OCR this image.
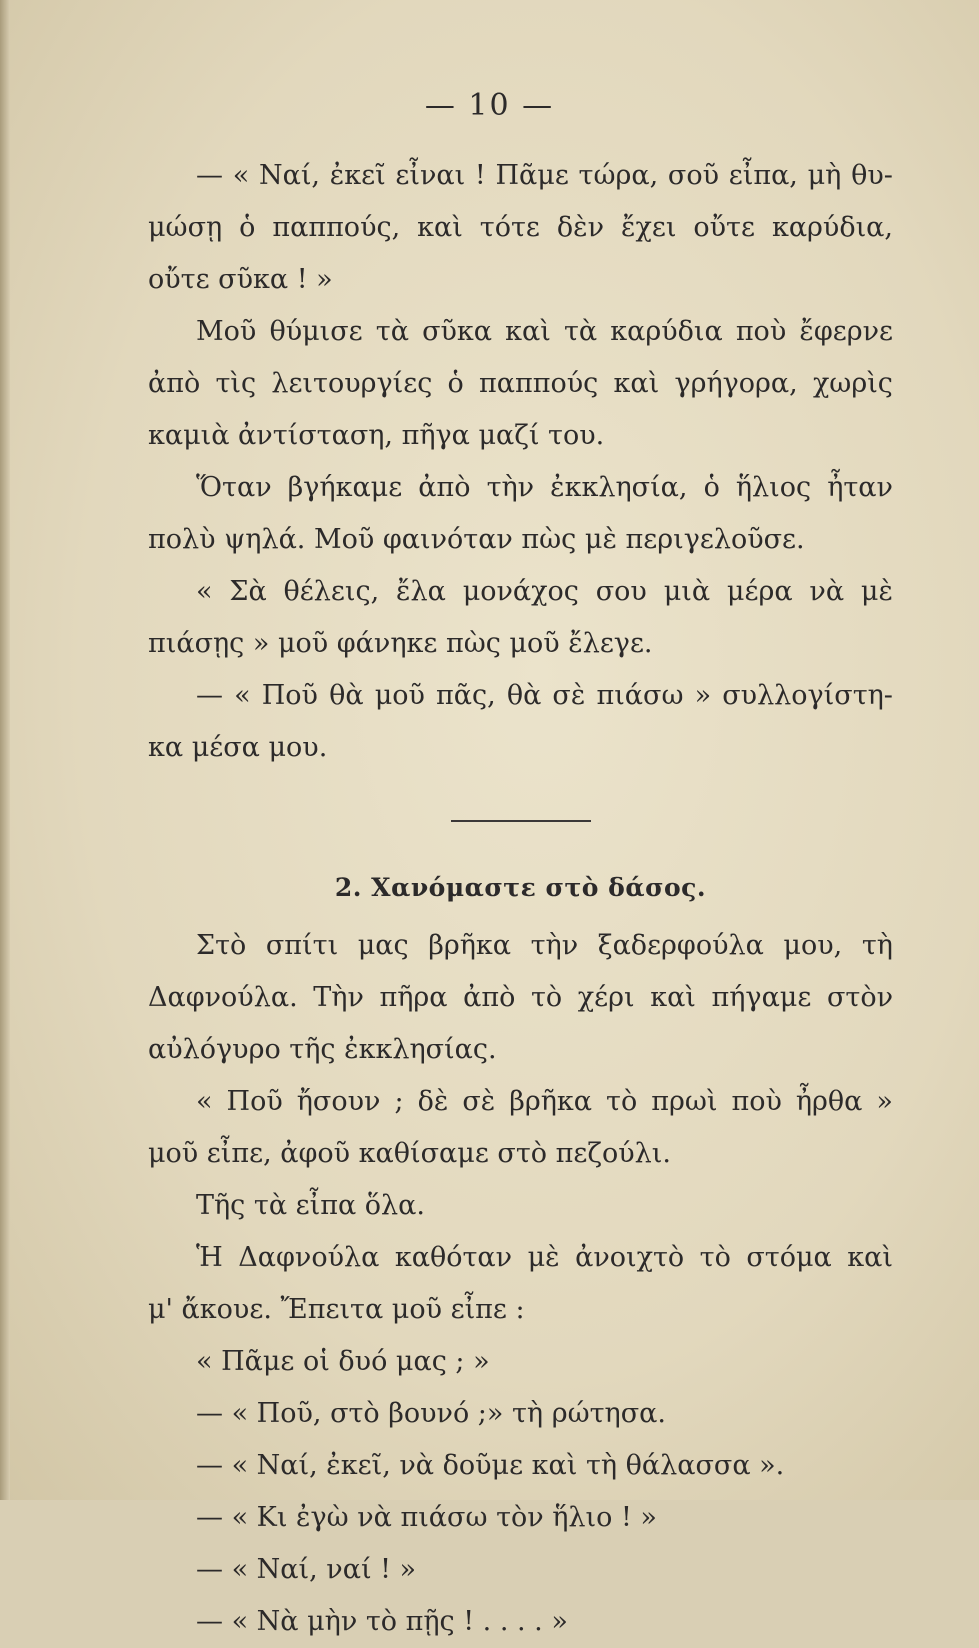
— 10 —
— « Ναί, ἐκεῖ εἶναι ! Πᾶμε τώρα, σοῦ εἶπα, μὴ θυ-
μώσῃ ὁ παππούς, καὶ τότε δὲν ἔχει οὔτε καρύδια,
οὔτε σῦκα ! »
Μοῦ θύμισε τὰ σῦκα καὶ τὰ καρύδια ποὺ ἔφερνε
ἀπὸ τὶς λειτουργίες ὁ παππούς καὶ γρήγορα, χωρὶς
καμιὰ ἀντίσταση, πῆγα μαζί του.
Ὅταν βγήκαμε ἀπὸ τὴν ἐκκλησία, ὁ ἥλιος ἦταν
πολὺ ψηλά. Μοῦ φαινόταν πὼς μὲ περιγελοῦσε.
« Σὰ θέλεις, ἔλα μονάχος σου μιὰ μέρα νὰ μὲ
πιάσῃς » μοῦ φάνηκε πὼς μοῦ ἔλεγε.
— « Ποῦ θὰ μοῦ πᾶς, θὰ σὲ πιάσω » συλλογίστη-
κα μέσα μου.
2. Χανόμαστε στὸ δάσος.
Στὸ σπίτι μας βρῆκα τὴν ξαδερφούλα μου, τὴ
Δαφνούλα. Τὴν πῆρα ἀπὸ τὸ χέρι καὶ πήγαμε στὸν
αὐλόγυρο τῆς ἐκκλησίας.
« Ποῦ ἤσουν ; δὲ σὲ βρῆκα τὸ πρωὶ ποὺ ἦρθα »
μοῦ εἶπε, ἀφοῦ καθίσαμε στὸ πεζούλι.
Τῆς τὰ εἶπα ὅλα.
Ἡ Δαφνούλα καθόταν μὲ ἀνοιχτὸ τὸ στόμα καὶ
μ' ἄκουε. Ἔπειτα μοῦ εἶπε :
« Πᾶμε οἱ δυό μας ; »
— « Ποῦ, στὸ βουνό ;» τὴ ρώτησα.
— « Ναί, ἐκεῖ, νὰ δοῦμε καὶ τὴ θάλασσα ».
— « Κι ἐγὼ νὰ πιάσω τὸν ἥλιο ! »
— « Ναί, ναί ! »
— « Νὰ μὴν τὸ πῇς ! . . . . »
